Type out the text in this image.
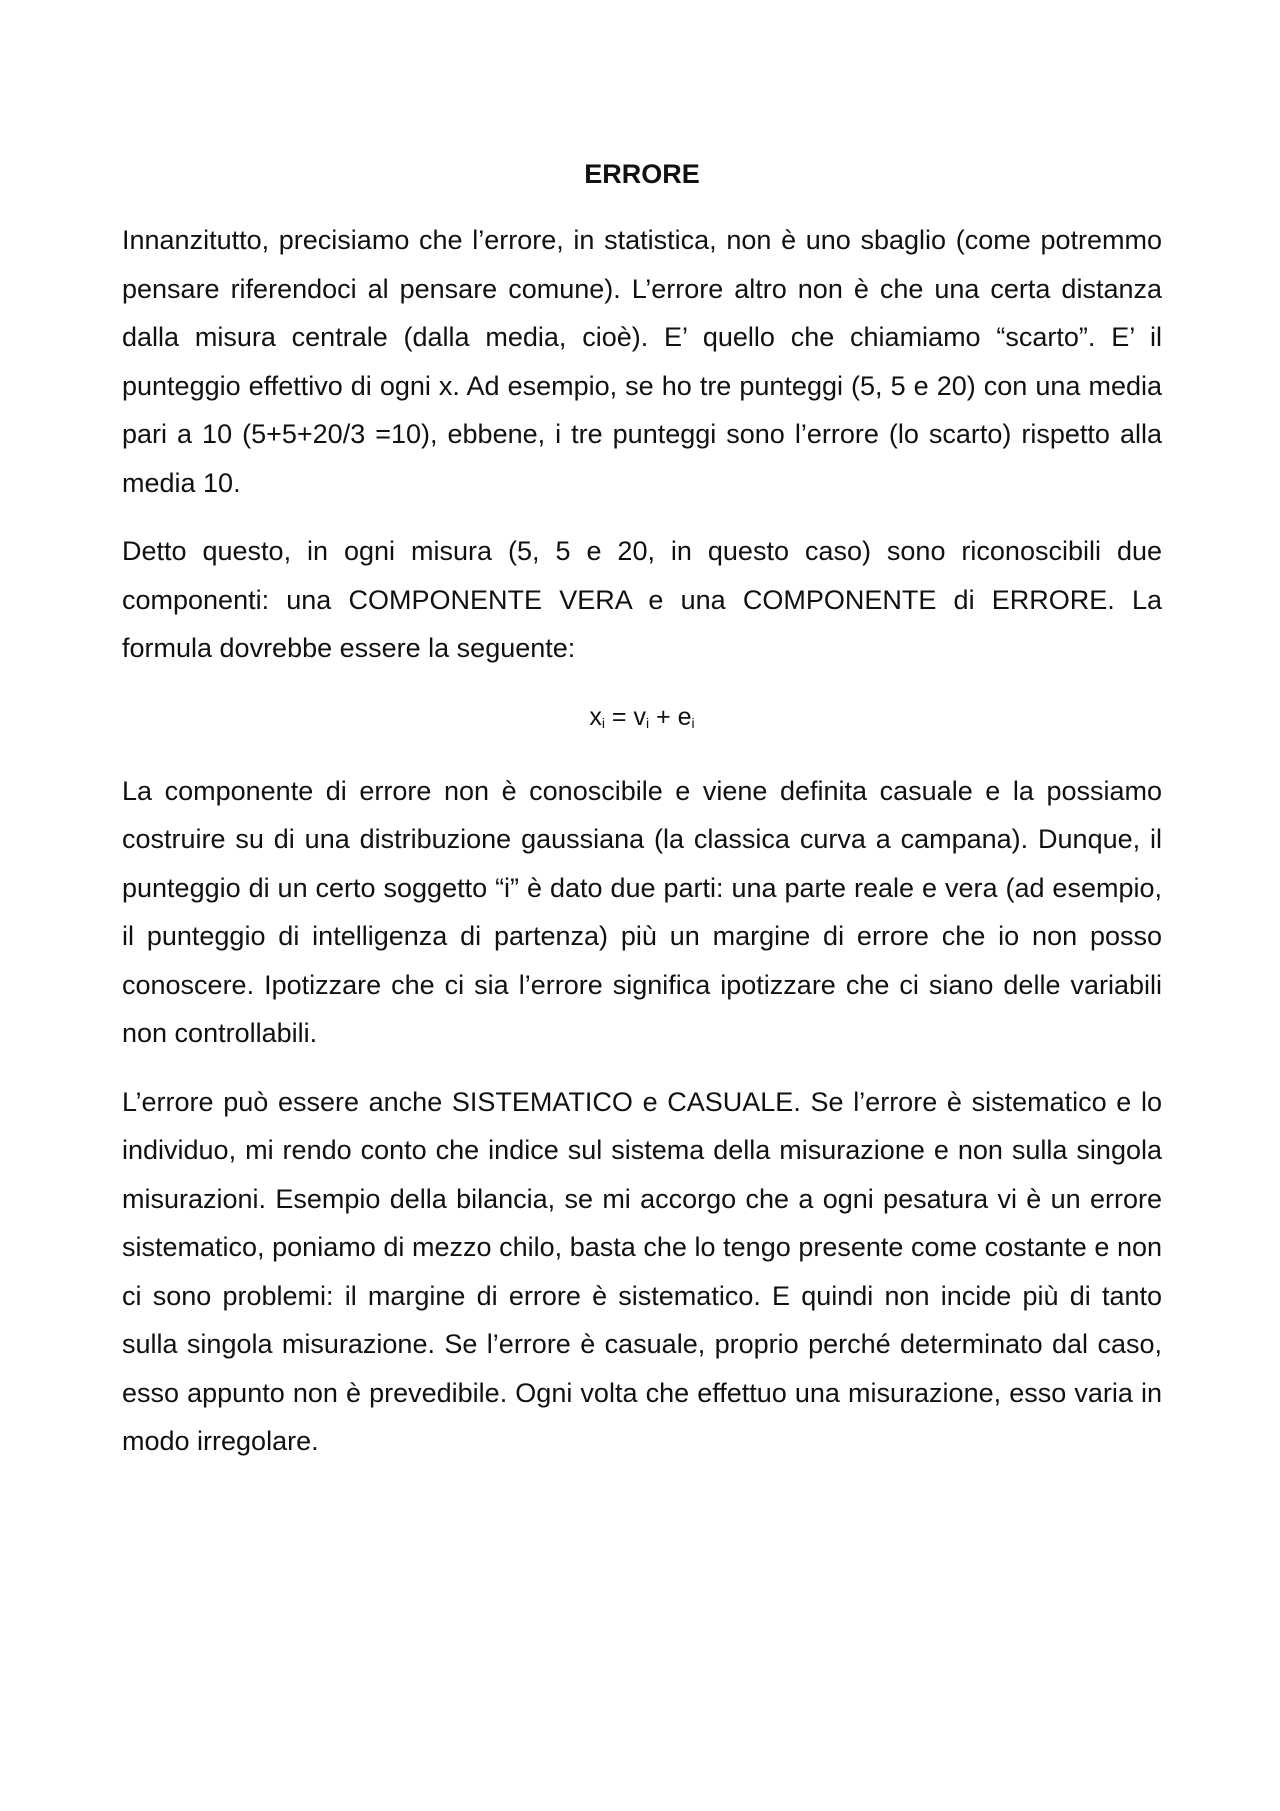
ERRORE

Innanzitutto, precisiamo che l’errore, in statistica, non è uno sbaglio (come potremmo pensare riferendoci al pensare comune). L’errore altro non è che una certa distanza dalla misura centrale (dalla media, cioè). E’ quello che chiamiamo “scarto”. E’ il punteggio effettivo di ogni x. Ad esempio, se ho tre punteggi (5, 5 e 20) con una media pari a 10 (5+5+20/3 =10), ebbene, i tre punteggi sono l’errore (lo scarto) rispetto alla media 10.

Detto questo, in ogni misura (5, 5 e 20, in questo caso) sono riconoscibili due componenti: una COMPONENTE VERA e una COMPONENTE di ERRORE. La formula dovrebbe essere la seguente:

$x_i = v_i + e_i$

La componente di errore non è conoscibile e viene definita casuale e la possiamo costruire su di una distribuzione gaussiana (la classica curva a campana). Dunque, il punteggio di un certo soggetto “i” è dato due parti: una parte reale e vera (ad esempio, il punteggio di intelligenza di partenza) più un margine di errore che io non posso conoscere. Ipotizzare che ci sia l’errore significa ipotizzare che ci siano delle variabili non controllabili.

L’errore può essere anche SISTEMATICO e CASUALE. Se l’errore è sistematico e lo individuo, mi rendo conto che indice sul sistema della misurazione e non sulla singola misurazioni. Esempio della bilancia, se mi accorgo che a ogni pesatura vi è un errore sistematico, poniamo di mezzo chilo, basta che lo tengo presente come costante e non ci sono problemi: il margine di errore è sistematico. E quindi non incide più di tanto sulla singola misurazione. Se l’errore è casuale, proprio perché determinato dal caso, esso appunto non è prevedibile. Ogni volta che effettuo una misurazione, esso varia in modo irregolare.
